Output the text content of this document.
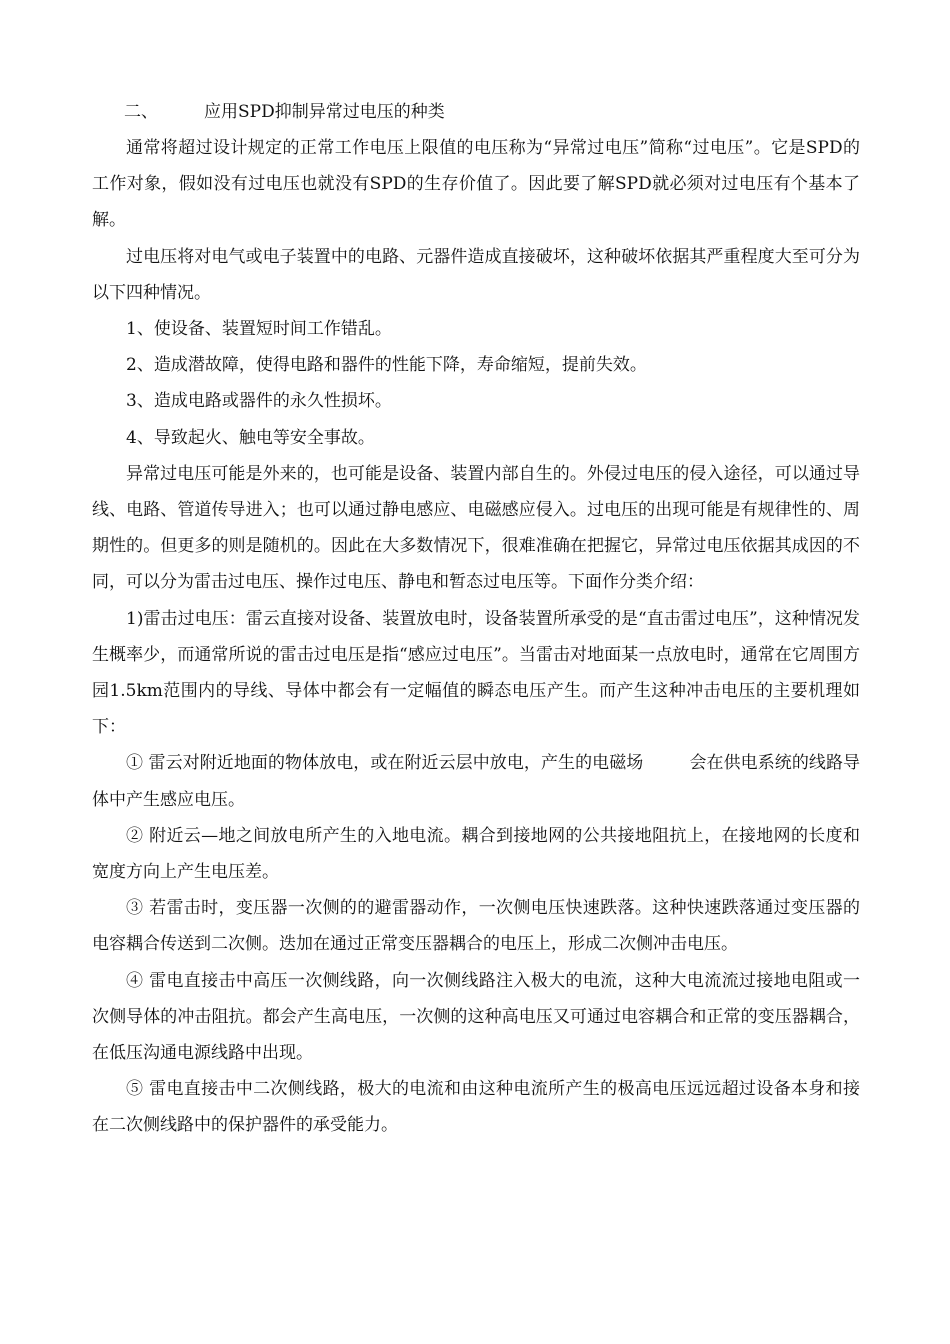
二、	应用SPD抑制异常过电压的种类

通常将超过设计规定的正常工作电压上限值的电压称为“异常过电压”简称“过电压”。它是SPD的工作对象，假如没有过电压也就没有SPD的生存价值了。因此要了解SPD就必须对过电压有个基本了解。

过电压将对电气或电子装置中的电路、元器件造成直接破坏，这种破坏依据其严重程度大至可分为以下四种情况。

1、使设备、装置短时间工作错乱。

2、造成潜故障，使得电路和器件的性能下降，寿命缩短，提前失效。

3、造成电路或器件的永久性损坏。

4、导致起火、触电等安全事故。

异常过电压可能是外来的，也可能是设备、装置内部自生的。外侵过电压的侵入途径，可以通过导线、电路、管道传导进入；也可以通过静电感应、电磁感应侵入。过电压的出现可能是有规律性的、周期性的。但更多的则是随机的。因此在大多数情况下，很难准确在把握它，异常过电压依据其成因的不同，可以分为雷击过电压、操作过电压、静电和暂态过电压等。下面作分类介绍：

1)雷击过电压：雷云直接对设备、装置放电时，设备装置所承受的是“直击雷过电压”，这种情况发生概率少，而通常所说的雷击过电压是指“感应过电压”。当雷击对地面某一点放电时，通常在它周围方园1.5km范围内的导线、导体中都会有一定幅值的瞬态电压产生。而产生这种冲击电压的主要机理如下：

① 雷云对附近地面的物体放电，或在附近云层中放电，产生的电磁场	会在供电系统的线路导体中产生感应电压。

② 附近云—地之间放电所产生的入地电流。耦合到接地网的公共接地阻抗上，在接地网的长度和宽度方向上产生电压差。

③ 若雷击时，变压器一次侧的的避雷器动作，一次侧电压快速跌落。这种快速跌落通过变压器的电容耦合传送到二次侧。迭加在通过正常变压器耦合的电压上，形成二次侧冲击电压。

④ 雷电直接击中高压一次侧线路，向一次侧线路注入极大的电流，这种大电流流过接地电阻或一次侧导体的冲击阻抗。都会产生高电压，一次侧的这种高电压又可通过电容耦合和正常的变压器耦合，在低压沟通电源线路中出现。

⑤ 雷电直接击中二次侧线路，极大的电流和由这种电流所产生的极高电压远远超过设备本身和接在二次侧线路中的保护器件的承受能力。
